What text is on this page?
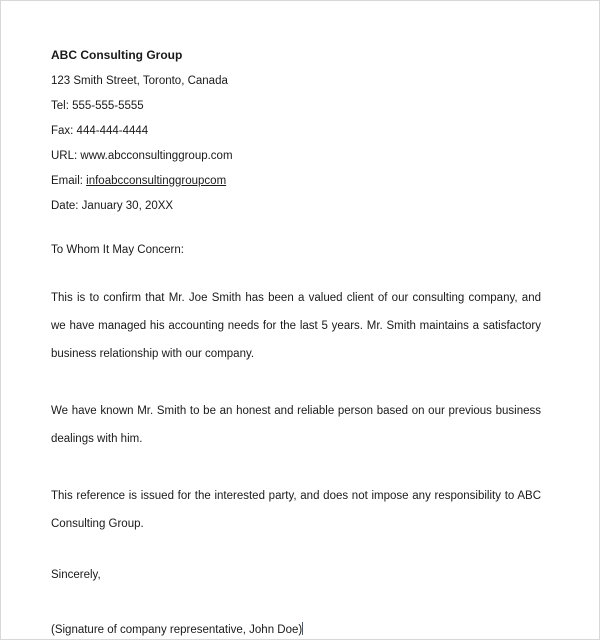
ABC Consulting Group
123 Smith Street, Toronto, Canada
Tel: 555-555-5555
Fax: 444-444-4444
URL: www.abcconsultinggroup.com
Email: infoabcconsultinggroupcom
Date: January 30, 20XX
To Whom It May Concern:

This is to confirm that Mr. Joe Smith has been a valued client of our consulting company, and we have managed his accounting needs for the last 5 years. Mr. Smith maintains a satisfactory business relationship with our company.

We have known Mr. Smith to be an honest and reliable person based on our previous business dealings with him.

This reference is issued for the interested party, and does not impose any responsibility to ABC Consulting Group.

Sincerely,
(Signature of company representative, John Doe)
